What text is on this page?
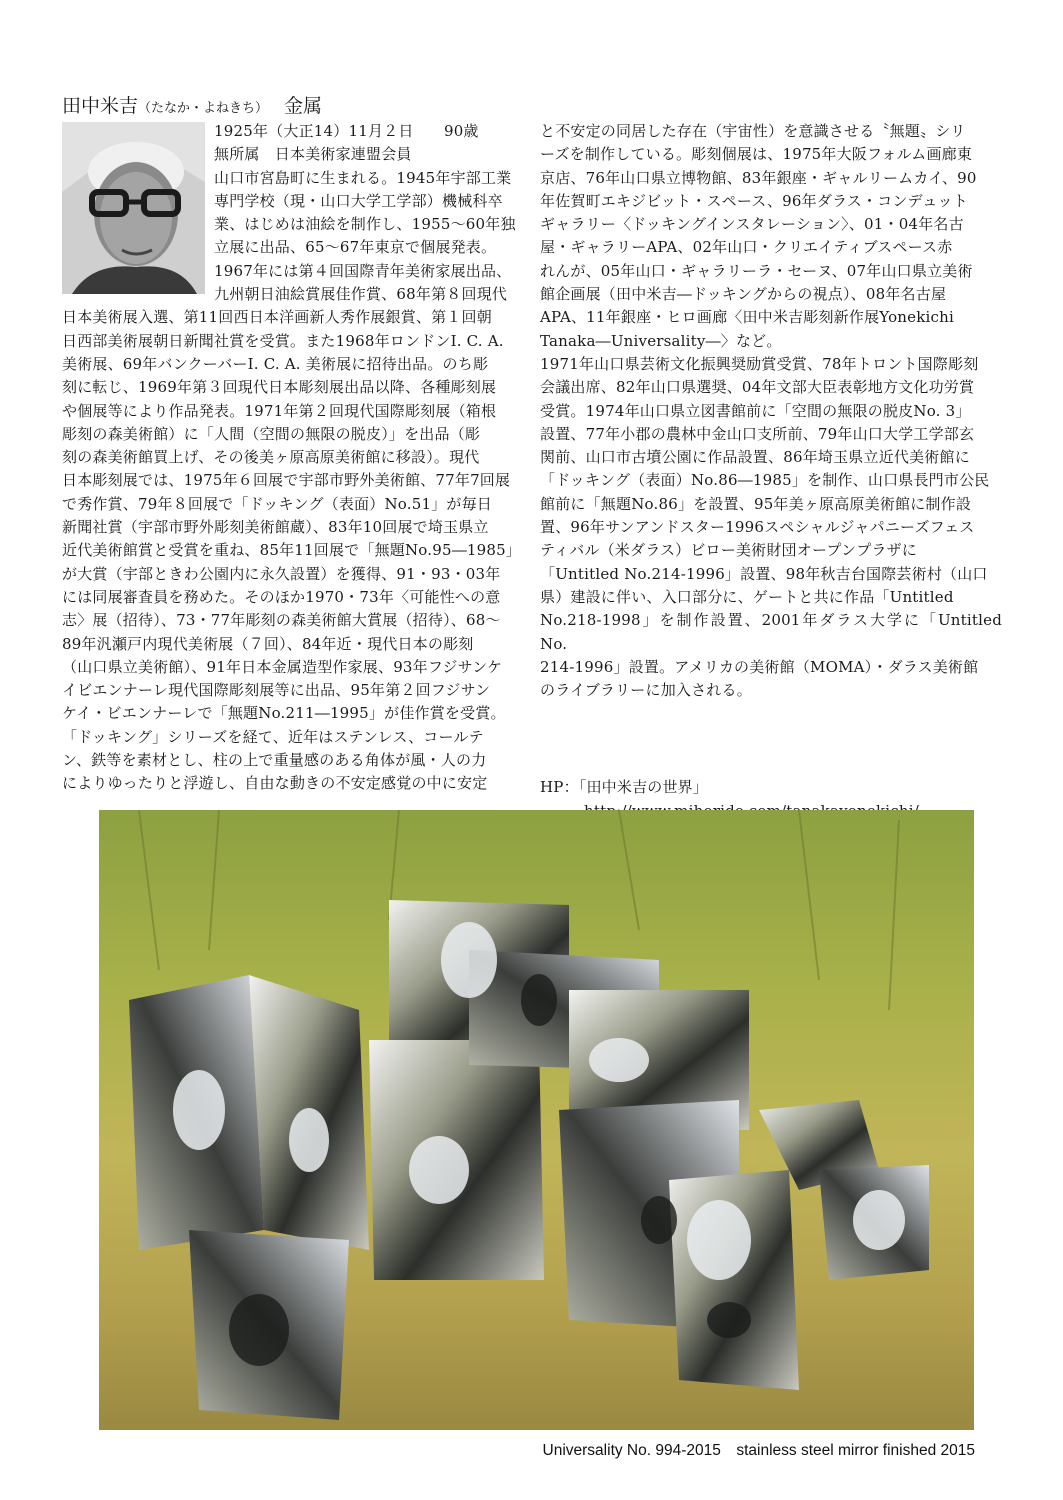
田中米吉（たなか・よねきち） 金属

1925年（大正14）11月２日　　90歳

無所属　日本美術家連盟会員

山口市宮島町に生まれる。1945年宇部工業

専門学校（現・山口大学工学部）機械科卒

業、はじめは油絵を制作し、1955〜60年独

立展に出品、65〜67年東京で個展発表。

1967年には第４回国際青年美術家展出品、

九州朝日油絵賞展佳作賞、68年第８回現代

日本美術展入選、第11回西日本洋画新人秀作展銀賞、第１回朝

日西部美術展朝日新聞社賞を受賞。また1968年ロンドンI. C. A.

美術展、69年バンクーバーI. C. A. 美術展に招待出品。のち彫

刻に転じ、1969年第３回現代日本彫刻展出品以降、各種彫刻展

や個展等により作品発表。1971年第２回現代国際彫刻展（箱根

彫刻の森美術館）に「人間（空間の無限の脱皮）」を出品（彫

刻の森美術館買上げ、その後美ヶ原高原美術館に移設）。現代

日本彫刻展では、1975年６回展で宇部市野外美術館、77年7回展

で秀作賞、79年８回展で「ドッキング（表面）No.51」が毎日

新聞社賞（宇部市野外彫刻美術館蔵）、83年10回展で埼玉県立

近代美術館賞と受賞を重ね、85年11回展で「無題No.95―1985」

が大賞（宇部ときわ公園内に永久設置）を獲得、91・93・03年

には同展審査員を務めた。そのほか1970・73年〈可能性への意

志〉展（招待）、73・77年彫刻の森美術館大賞展（招待）、68〜

89年汎瀬戸内現代美術展（７回）、84年近・現代日本の彫刻

（山口県立美術館）、91年日本金属造型作家展、93年フジサンケ

イビエンナーレ現代国際彫刻展等に出品、95年第２回フジサン

ケイ・ビエンナーレで「無題No.211―1995」が佳作賞を受賞。

「ドッキング」シリーズを経て、近年はステンレス、コールテ

ン、鉄等を素材とし、柱の上で重量感のある角体が風・人の力

によりゆったりと浮遊し、自由な動きの不安定感覚の中に安定

と不安定の同居した存在（宇宙性）を意識させる〝無題〟シリ

ーズを制作している。彫刻個展は、1975年大阪フォルム画廊東

京店、76年山口県立博物館、83年銀座・ギャルリームカイ、90

年佐賀町エキジビット・スペース、96年ダラス・コンデュット

ギャラリー〈ドッキングインスタレーション〉、01・04年名古

屋・ギャラリーAPA、02年山口・クリエイティブスペース赤

れんが、05年山口・ギャラリーラ・セーヌ、07年山口県立美術

館企画展（田中米吉―ドッキングからの視点）、08年名古屋

APA、11年銀座・ヒロ画廊〈田中米吉彫刻新作展Yonekichi

Tanaka―Universality―〉など。

1971年山口県芸術文化振興奨励賞受賞、78年トロント国際彫刻

会議出席、82年山口県選奨、04年文部大臣表彰地方文化功労賞

受賞。1974年山口県立図書館前に「空間の無限の脱皮No. 3」

設置、77年小郡の農林中金山口支所前、79年山口大学工学部玄

関前、山口市古墳公園に作品設置、86年埼玉県立近代美術館に

「ドッキング（表面）No.86―1985」を制作、山口県長門市公民

館前に「無題No.86」を設置、95年美ヶ原高原美術館に制作設

置、96年サンアンドスター1996スペシャルジャパニーズフェス

ティバル（米ダラス）ビロー美術財団オープンプラザに

「Untitled No.214-1996」設置、98年秋吉台国際芸術村（山口

県）建設に伴い、入口部分に、ゲートと共に作品「Untitled

No.218-1998」を制作設置、2001年ダラス大学に「Untitled No.

214-1996」設置。アメリカの美術館（MOMA）・ダラス美術館

のライブラリーに加入される。

HP：「田中米吉の世界」

Universality No. 994-2015　stainless steel mirror finished 2015
